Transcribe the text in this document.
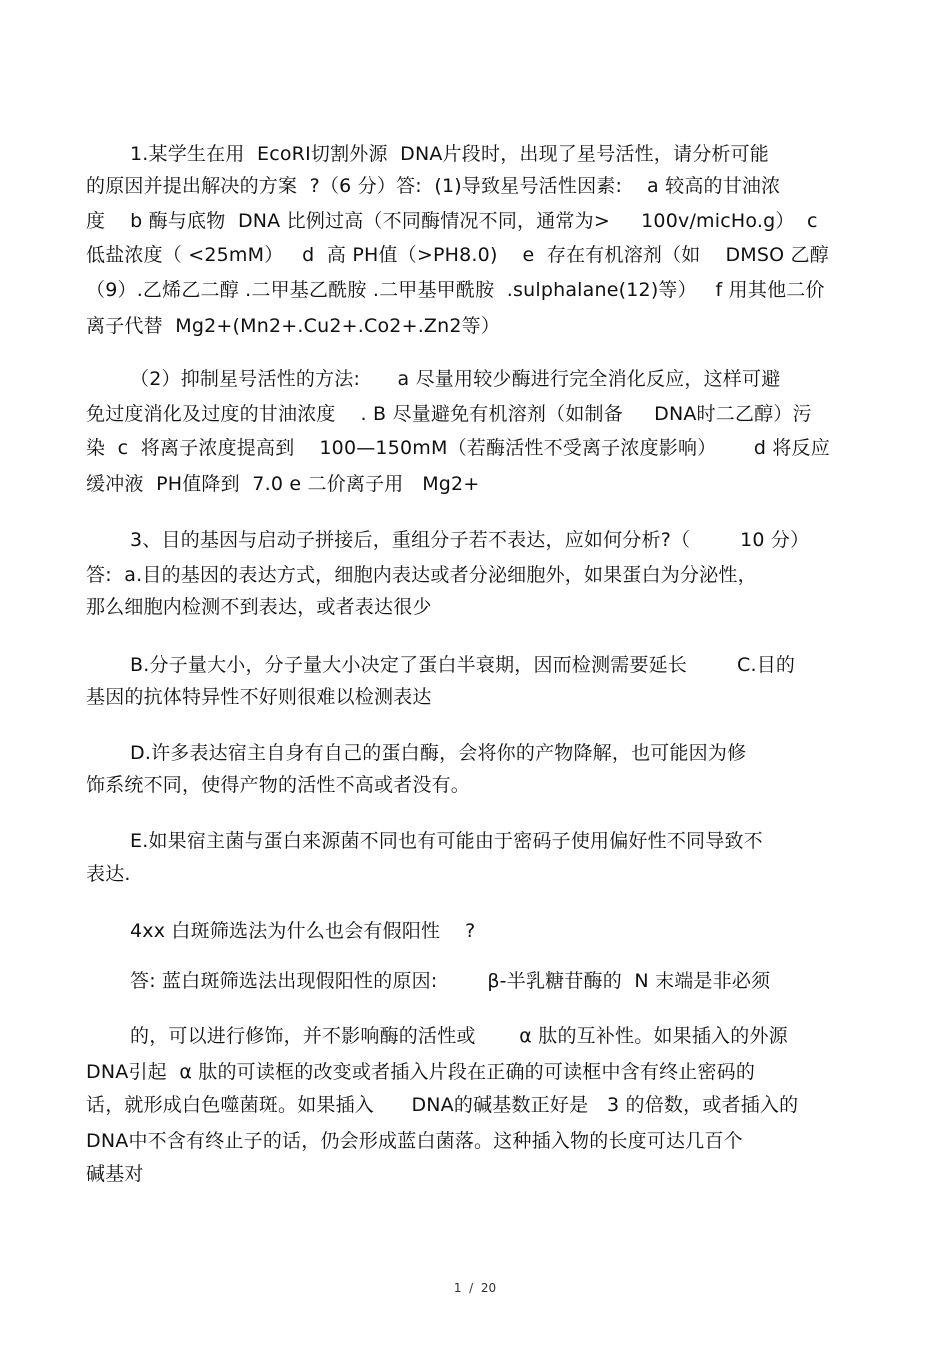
1.某学生在用  EcoRI切割外源  DNA片段时，出现了星号活性，请分析可能
的原因并提出解决的方案  ?（6 分）答:  (1)导致星号活性因素:    a 较高的甘油浓
度    b 酶与底物  DNA 比例过高（不同酶情况不同，通常为>     100v/micHo.g）  c
低盐浓度（ <25mM）   d  高 PH值（>PH8.0)    e  存在有机溶剂（如    DMSO 乙醇
（9）.乙烯乙二醇 .二甲基乙酰胺 .二甲基甲酰胺  .sulphalane(12)等）   f 用其他二价
离子代替  Mg2+(Mn2+.Cu2+.Co2+.Zn2等）
（2）抑制星号活性的方法:      a 尽量用较少酶进行完全消化反应，这样可避
免过度消化及过度的甘油浓度    . B 尽量避免有机溶剂（如制备     DNA时二乙醇）污
染  c  将离子浓度提高到    100—150mM（若酶活性不受离子浓度影响）      d 将反应
缓冲液  PH值降到  7.0 e 二价离子用   Mg2+
3、目的基因与启动子拼接后，重组分子若不表达，应如何分析?（        10 分）
答:  a.目的基因的表达方式，细胞内表达或者分泌细胞外，如果蛋白为分泌性，
那么细胞内检测不到表达，或者表达很少
B.分子量大小，分子量大小决定了蛋白半衰期，因而检测需要延长        C.目的
基因的抗体特异性不好则很难以检测表达
D.许多表达宿主自身有自己的蛋白酶，会将你的产物降解，也可能因为修
饰系统不同，使得产物的活性不高或者没有。
E.如果宿主菌与蛋白来源菌不同也有可能由于密码子使用偏好性不同导致不
表达.
4xx 白斑筛选法为什么也会有假阳性    ?
答: 蓝白斑筛选法出现假阳性的原因:        β-半乳糖苷酶的  N 末端是非必须
的，可以进行修饰，并不影响酶的活性或       α 肽的互补性。如果插入的外源
DNA引起  α 肽的可读框的改变或者插入片段在正确的可读框中含有终止密码的
话，就形成白色噬菌斑。如果插入      DNA的碱基数正好是   3 的倍数，或者插入的
DNA中不含有终止子的话，仍会形成蓝白菌落。这种插入物的长度可达几百个
碱基对
1  /  20
